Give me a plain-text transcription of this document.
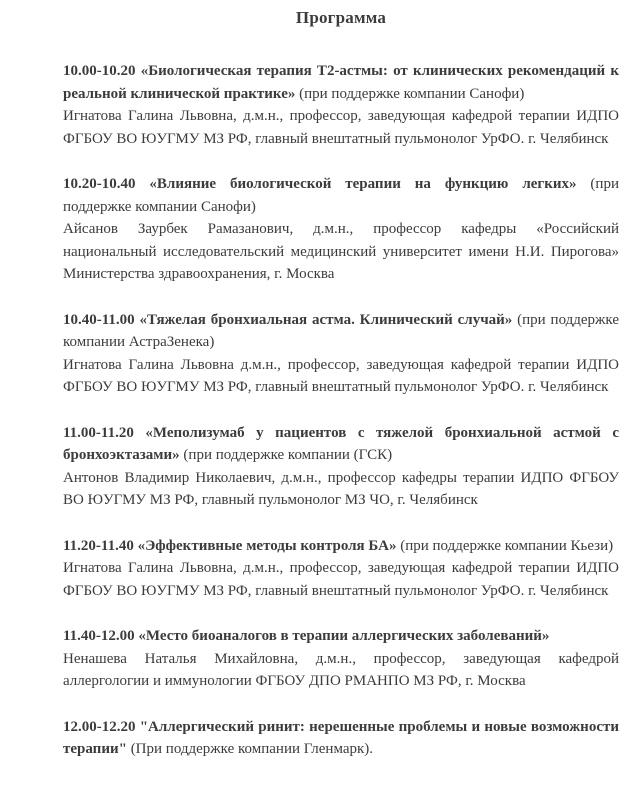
Программа

10.00-10.20 «Биологическая терапия Т2-астмы: от клинических рекомендаций к реальной клинической практике» (при поддержке компании Санофи)

Игнатова Галина Львовна, д.м.н., профессор, заведующая кафедрой терапии ИДПО ФГБОУ ВО ЮУГМУ МЗ РФ, главный внештатный пульмонолог УрФО. г. Челябинск

10.20-10.40 «Влияние биологической терапии на функцию легких» (при поддержке компании Санофи)

Айсанов Заурбек Рамазанович, д.м.н., профессор кафедры «Российский национальный исследовательский медицинский университет имени Н.И. Пирогова» Министерства здравоохранения, г. Москва

10.40-11.00 «Тяжелая бронхиальная астма. Клинический случай» (при поддержке компании АстраЗенека)

Игнатова Галина Львовна д.м.н., профессор, заведующая кафедрой терапии ИДПО ФГБОУ ВО ЮУГМУ МЗ РФ, главный внештатный пульмонолог УрФО. г. Челябинск

11.00-11.20 «Меполизумаб у пациентов с тяжелой бронхиальной астмой с бронхоэктазами» (при поддержке компании (ГСК)

Антонов Владимир Николаевич, д.м.н., профессор кафедры терапии ИДПО ФГБОУ ВО ЮУГМУ МЗ РФ, главный пульмонолог МЗ ЧО, г. Челябинск

11.20-11.40 «Эффективные методы контроля БА» (при поддержке компании Кьези)

Игнатова Галина Львовна, д.м.н., профессор, заведующая кафедрой терапии ИДПО ФГБОУ ВО ЮУГМУ МЗ РФ, главный внештатный пульмонолог УрФО. г. Челябинск

11.40-12.00 «Место биоаналогов в терапии аллергических заболеваний»

Ненашева Наталья Михайловна, д.м.н., профессор, заведующая кафедрой аллергологии и иммунологии ФГБОУ ДПО РМАНПО МЗ РФ, г. Москва

12.00-12.20 "Аллергический ринит: нерешенные проблемы и новые возможности терапии" (При поддержке компании Гленмарк).
